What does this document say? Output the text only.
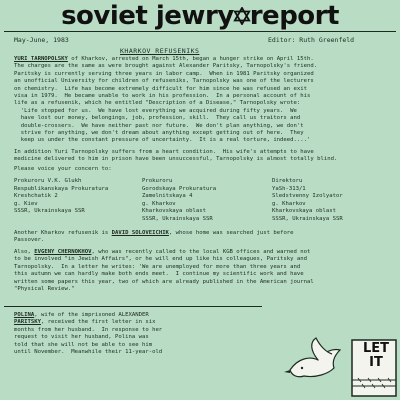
soviet jewry report
May-June, 1983	Editor: Ruth Greenfeld
KHARKOV REFUSENIKS
YURI TARNOPOLSKY of Kharkov, arrested on March 15th, began a hunger strike on April 15th.
The charges are the same as were brought against Alexander Paritsky, Tarnopolsky's friend.
Paritsky is currently serving three years in labor camp.  When in 1981 Paritsky organized
an unofficial University for children of refuseniks, Tarnopolsky was one of the lecturers
on chemistry.  Life has become extremely difficult for him since he was refused an exit
visa in 1979.  He became unable to work in his profession.  In a personal account of his
life as a refusenik, which he entitled "Description of a Disease," Tarnopolsky wrote:
'Life stopped for us.  We have lost everything we acquired during fifty years.  We
have lost our money, belongings, job, profession, skill.  They call us traitors and
double-crossers.  We have neither past nor future.  We don't plan anything, we don't
strive for anything, we don't dream about anything except getting out of here.  They
keep us under the constant pressure of uncertainty.  It is a real torture, indeed....'
In addition Yuri Tarnopolsky suffers from a heart condition.  His wife's attempts to have
medicine delivered to him in prison have been unsuccessful, Tarnopolsky is almost totally blind.
Please voice your concern to:
Prokuroru V.K. Glukh
Respublikanskaya Prokuratura
Kreshchatik 2
g. Kiev
SSSR, Ukrainskaya SSR
Prokuroru
Gorodskaya Prokuratura
Zamelnitskaya 4
g. Kharkov
Kharkovskaya oblast
SSSR, Ukrainskaya SSR
Direktoru
YaSh-313/1
Sledstvenny Izolyator
g. Kharkov
Kharkovskaya oblast
SSSR, Ukrainskaya SSR
Another Kharkov refusenik is DAVID SOLOVEICHIK, whose home was searched just before
Passover.
Also, EVGENY CHERNOKHOV, who was recently called to the local KGB offices and warned not
to be involved "in Jewish Affairs", or he will end up like his colleagues, Paritsky and
Tarnopolsky.  In a letter he writes: 'We are unemployed for more than three years and
this autumn we can hardly make both ends meet.  I continue my scientific work and have
written some papers this year, two of which are already published in the American journal
"Physical Review."
POLINA, wife of the imprisoned ALEXANDER
PARITSKY, received the first letter in six
months from her husband.  In response to her
request to visit her husband, Polina was
told that she will not be able to see him
until November.  Meanwhile their 11-year-old	LET IT
